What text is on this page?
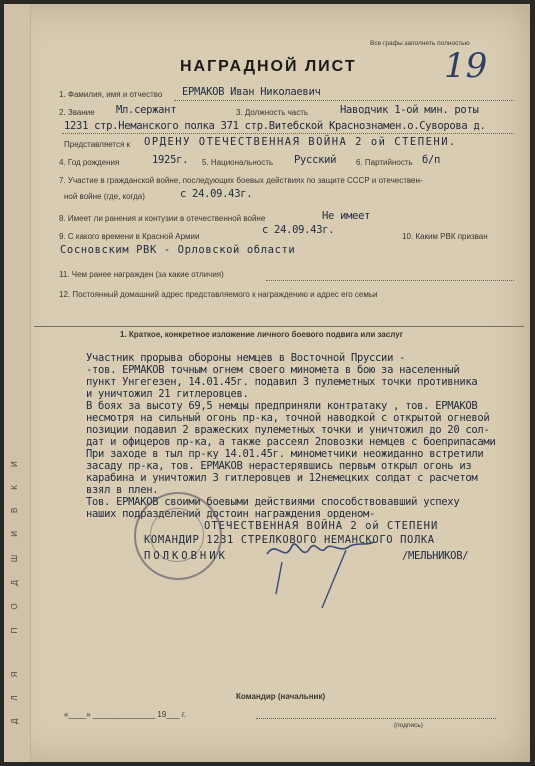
ДЛЯ ПОДШИВКИ
Все графы заполнять полностью
19
НАГРАДНОЙ ЛИСТ
1. Фамилия, имя и отчество ЕРМАКОВ Иван Николаевич
2. Звание Мл.сержант	3. Должность часть	Наводчик 1-ой мин. роты
1231 стр.Неманского полка 371 стр.Витебской Краснознамен.о.Суворова д.
Представляется к ОРДЕНУ ОТЕЧЕСТВЕННАЯ ВОЙНА 2 ой СТЕПЕНИ.
4. Год рождения	1925г. 5. Национальность Русский 6. Партийность б/п
7. Участие в гражданской войне, последующих боевых действиях по защите СССР и отечествен-
ной войне (где, когда)	с 24.09.43г.
8. Имеет ли ранения и контузии в отечественной войне	Не имеет
с 24.09.43г.
9. С какого времени в Красной Армии	10. Каким РВК призван
Сосновским РВК - Орловской области
11. Чем ранее награжден (за какие отличия)
12. Постоянный домашний адрес представляемого к награждению и адрес его семьи
1. Краткое, конкретное изложение личного боевого подвига или заслуг
Участник прорыва обороны немцев в Восточной Пруссии -
-тов. ЕРМАКОВ точным огнем своего миномета в бою за населенный
пункт Унгегезен, 14.01.45г. подавил 3 пулеметных точки противника
и уничтожил 21 гитлеровцев.
В боях за высоту 69,5 немцы предприняли контратаку , тов. ЕРМАКОВ
несмотря на сильный огонь пр-ка, точной наводкой с открытой огневой
позиции подавил 2 вражеских пулеметных точки и уничтожил до 20 сол-
дат и офицеров пр-ка, а также рассеял 2повозки немцев с боеприпасами
При заходе в тыл пр-ку 14.01.45г. минометчики неожиданно встретили
засаду пр-ка, тов. ЕРМАКОВ нерастерявшись первым открыл огонь из
карабина и уничтожил 3 гитлеровцев и 12немецких солдат с расчетом
взял в плен.
Тов. ЕРМАКОВ своими боевыми действиями способствовавший успеху
наших подразделений достоин награждения орденом-
ОТЕЧЕСТВЕННАЯ ВОЙНА 2 ой СТЕПЕНИ
КОМАНДИР 1231 СТРЕЛКОВОГО НЕМАНСКОГО ПОЛКА
ПОЛКОВНИК	/МЕЛЬНИКОВ/
Командир (начальник)
«____» ______________ 19___ г.
(подпись)
